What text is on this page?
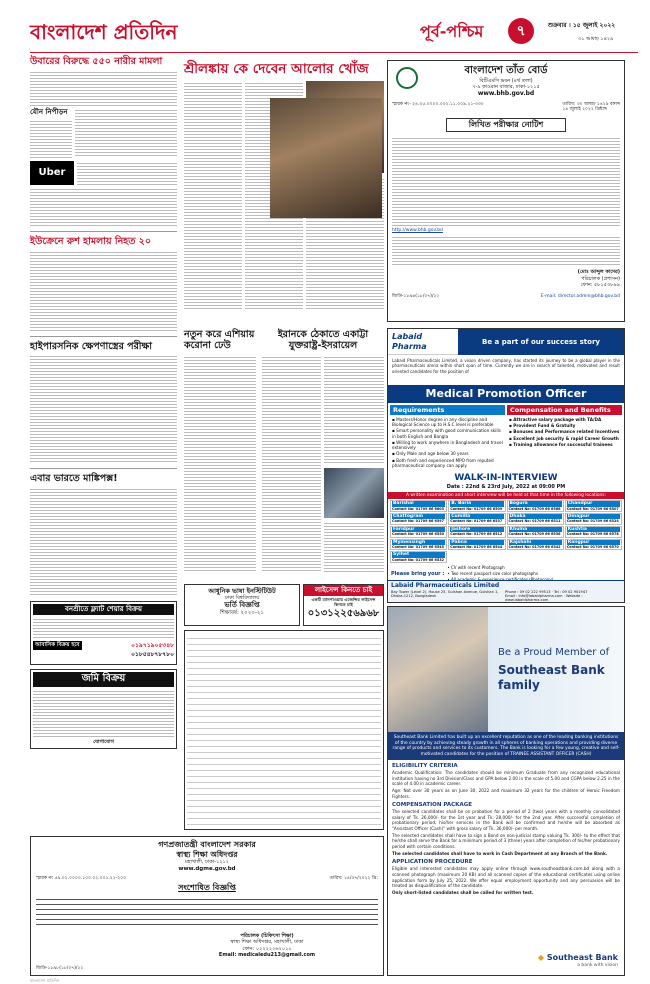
বাংলাদেশ প্রতিদিন	পূর্ব-পশ্চিম	৭	শুক্রবার । ১৫ জুলাই ২০২২
৩১ আষাঢ় ১৪২৯
উবারের বিরুদ্ধে ৫৫০ নারীর মামলা
যৌন নিপীড়ন
Uber
ইউক্রেনে রুশ হামলায় নিহত ২০
হাইপারসনিক ক্ষেপণাস্ত্রের পরীক্ষা
এবার ভারতে মাঙ্কিপক্স!
বনশ্রীতে ফ্ল্যাট শেয়ার বিক্রয়
আবাসিক বিক্রয় হবে	০১৯৭১৯০৫৩৪৮
০১৮৫৪৮৭৮৭৮০
জমি বিক্রয়
যোগাযোগ
শ্রীলঙ্কায় কে দেবেন আলোর খোঁজ	বাংলাদেশ তাঁত বোর্ড
বিটিএমসি ভবন (৪র্থ তলা)
৭-৯ কাওরান বাজার, ঢাকা-১২১৫
www.bhb.gov.bd
স্মারক নং- ২৪.০৫.০০০০.০০২.১১.০০৯.২১-৩৩০	তারিখ: ৩০ আষাঢ় ১৪২৯ বঙ্গাব্দ
১৪ জুলাই ২০২২ খ্রিষ্টাব্দ
লিখিত পরীক্ষার নোটিশ
http://www.bhb.gov.bd
(মোঃ আব্দুল কাদের)
পরিচালক (প্রশাসন)
ফোন: ৫৮১৫৩৮৯৯
জিডি-১৮৯৬(১৮/০৭)/২২	E-mail: director.admin@bhb.gov.bd
Labaid Pharma	Be a part of our success story
Labaid Pharmaceuticals Limited, a vision driven company, has started its journey to be a global player in the pharmaceuticals arena within short span of time. Currently we are in search of talented, motivated and result oriented candidates for the position of
Medical Promotion Officer
Requirements
▪ Masters/Honor degree in any discipline and Biological Science up to H.S.C level is preferable
▪ Smart personality with good communication skills in both English and Bangla
▪ Willing to work anywhere in Bangladesh and travel extensively
▪ Only Male and age below 30 years
▪ Both fresh and experienced MPO from reputed pharmaceutical company can apply
Compensation and Benefits
▪ Attractive salary package with TA/DA
▪ Provident Fund & Gratuity
▪ Bonuses and Performance related Incentives
▪ Excellent job security & rapid Career Growth
▪ Training allowance for successful trainees
WALK-IN-INTERVIEW
Date : 22nd & 23rd July, 2022 at 09:00 PM
A written examination and short interview will be held at that time in the following locations:
Barishal
Contact No: 01709 66 6603
B. Baria
Contact No: 01709 66 6509
Bogura
Contact No: 01709 66 6568
Chandpur
Contact No: 01709 66 6507
Chattogram
Contact No: 01709 66 6597
Cumilla
Contact No: 01709 66 6537
Dhaka
Contact No: 01709 66 6511
Dinajpur
Contact No: 01709 66 6524
Faridpur
Contact No: 01709 66 6550
Jashore
Contact No: 01709 66 6512
Khulna
Contact No: 01709 66 6536
Kushtia
Contact No: 01709 66 6578
Mymensingh
Contact No: 01709 66 6545
Pabna
Contact No: 01709 66 6544
Rajshahi
Contact No: 01709 66 6542
Rangpur
Contact No: 01709 66 6570
Sylhet
Contact No: 01709 66 6532
Please bring your :
• CV with recent Photograph
• Two recent passport size color photographs
Labaid Pharmaceuticals Limited
Bay Tower (Level 2), House 25, Gulshan Avenue, Gulshan 1, Dhaka-1212, Bangladesh
Phone : 09 02 222 99513 · Tel : 09 02 901947
Email : info@labaidpharma.com · Website : www.labaidpharma.com
নতুন করে এশিয়ায় করোনা ঢেউ
ইরানকে ঠেকাতে একাট্টা যুক্তরাষ্ট্র-ইসরায়েল
আধুনিক ভাষা ইনস্টিটিউট
ঢাকা বিশ্ববিদ্যালয়
ভর্তি বিজ্ঞপ্তি
শিক্ষাবর্ষ: ২০২০-২১
লাইসেন্স কিনতে চাই
একটি ম্যানপাওয়ার এজেন্সির লাইসেন্স কিনতে চাই
০১৩১২২৫৬৯৬৮
Be a Proud Member of
Southeast Bank family
Southeast Bank Limited has built up an excellent reputation as one of the leading banking institutions of the country by achieving steady growth in all spheres of banking operations and providing diverse range of products and services to its customers. The Bank is looking for a few young, creative and self-motivated candidates for the position of TRAINEE ASSISTANT OFFICER (CASH)
ELIGIBILITY CRITERIA
Academic Qualification: The candidates should be minimum Graduate from any recognized educational institution having no 3rd Division/Class and GPA below 2.00 in the scale of 5.00 and CGPA below 2.25 in the scale of 4.00 in academic career.
Age: Not over 30 years as on June 30, 2022 and maximum 32 years for the children of Heroic Freedom Fighters.
COMPENSATION PACKAGE
The selected candidates shall be on probation for a period of 2 (two) years with a monthly consolidated salary of Tk. 26,000/- for the 1st year and Tk. 28,000/- for the 2nd year. After successful completion of probationary period, his/her services in the Bank will be confirmed and he/she will be absorbed as "Assistant Officer (Cash)" with gross salary of Tk. 36,000/- per month.
The selected candidates shall have to sign a Bond on non-judicial stamp valuing Tk. 300/- to the effect that he/she shall serve the Bank for a minimum period of 3 (three) years after completion of his/her probationary period with certain conditions.
The selected candidates shall have to work in Cash Department at any Branch of the Bank.
APPLICATION PROCEDURE
Eligible and interested candidates may apply online through www.southeastbank.com.bd along with a scanned photograph (maximum 20 KB) and all scanned copies of the educational certificates using online application form by July 25, 2022. We offer equal employment opportunity and any persuasion will be treated as disqualification of the candidate.
Only short-listed candidates shall be called for written test.
◆ Southeast Bank
a bank with vision
গণপ্রজাতন্ত্রী বাংলাদেশ সরকার
স্বাস্থ্য শিক্ষা অধিদপ্তর
মহাখালী, ঢাকা-১২১২
www.dgme.gov.bd
স্মারক নং ৫৯.০২.০০০০.১০০.০২.০০১.২২-২০০	তারিখ: ১৪/০৭/২০২২ খ্রি:
সংশোধিত বিজ্ঞপ্তি
পরিচালক (চিকিৎসা শিক্ষা)
স্বাস্থ্য শিক্ষা অধিদপ্তর, মহাখালী, ঢাকা
ফোন: ০২২২২২৬২০১০
Email: medicaledu213@gmail.com
জিডি-১৮৯৮(১৮/০৭)/২২
বাংলাদেশ প্রতিদিন
